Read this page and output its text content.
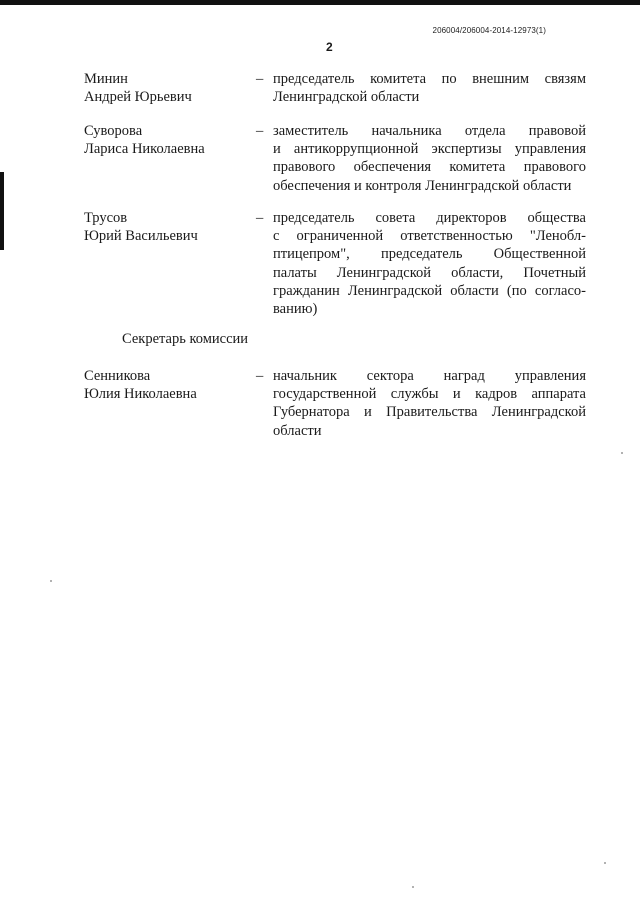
206004/206004-2014-12973(1)
2
Минин
Андрей Юрьевич
– председатель комитета по внешним связям
Ленинградской области
Суворова
Лариса Николаевна
– заместитель начальника отдела правовой
и антикоррупционной экспертизы управления
правового обеспечения комитета правового
обеспечения и контроля Ленинградской области
Трусов
Юрий Васильевич
– председатель совета директоров общества
с ограниченной ответственностью "Ленобл-
птицепром", председатель Общественной
палаты Ленинградской области, Почетный
гражданин Ленинградской области (по согласо-
ванию)
Секретарь комиссии
Сенникова
Юлия Николаевна
– начальник сектора наград управления
государственной службы и кадров аппарата
Губернатора и Правительства Ленинградской
области
